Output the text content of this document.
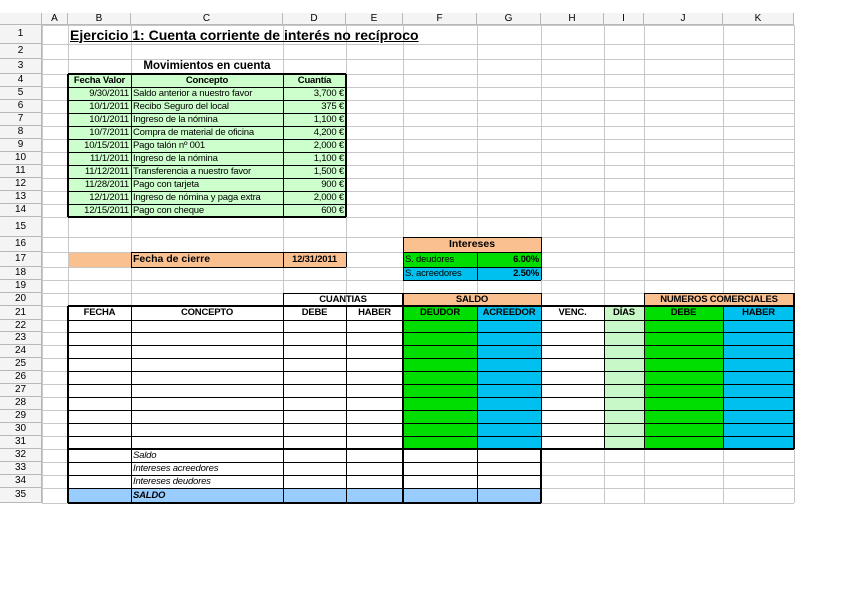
A	B	C	D	E	F	G	H	I	J	K
1
2
3
4
5
6
7
8
9
10
11
12
13
14
15
16
17
18
19
20
21
22
23
24
25
26
27
28
29
30
31
32
33
34
35
Ejercicio 1: Cuenta corriente de interés no recíproco
Movimientos en cuenta
Fecha Valor	Concepto	Cuantía
9/30/2011 Saldo anterior a nuestro favor	3,700 €
10/1/2011 Recibo Seguro del local	375 €
10/1/2011 Ingreso de la nómina	1,100 €
10/7/2011 Compra de material de oficina	4,200 €
10/15/2011 Pago talón nº 001	2,000 €
11/1/2011 Ingreso de la nómina	1,100 €
11/12/2011 Transferencia a nuestro favor	1,500 €
11/28/2011 Pago con tarjeta	900 €
12/1/2011 Ingreso de nómina y paga extra	2,000 €
12/15/2011 Pago con cheque	600 €
Fecha de cierre	12/31/2011
Intereses
S. deudores	6.00%
S. acreedores	2.50%
CUANTIAS	SALDO	NUMEROS COMERCIALES
FECHA	CONCEPTO	DEBE	HABER	DEUDOR	ACREEDOR	VENC.	DÍAS	DEBE	HABER
Saldo
Intereses acreedores
Intereses deudores
SALDO
